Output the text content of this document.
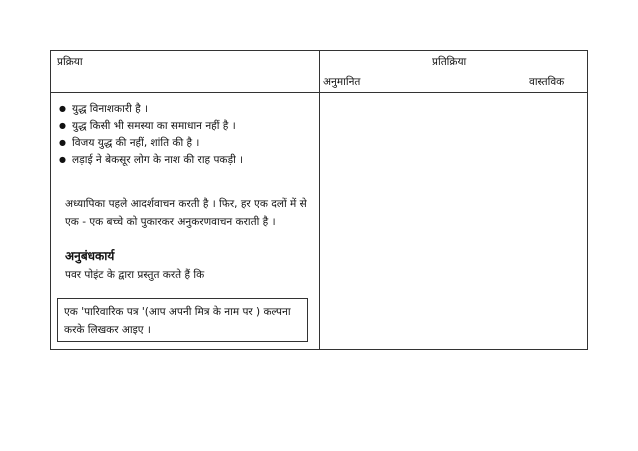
प्रक्रिया	प्रतिक्रिया
अनुमानित	वास्तविक
● युद्ध विनाशकारी है ।
● युद्ध किसी भी समस्या का समाधान नहीं है ।
● विजय युद्ध की नहीं, शांति की है ।
● लड़ाई ने बेकसूर लोग के नाश की राह पकड़ी ।
अध्यापिका पहले आदर्शवाचन करती है । फिर, हर एक दलों में से एक - एक बच्चे को पुकारकर अनुकरणवाचन कराती है ।
अनुबंधकार्य
पवर पोइंट के द्वारा प्रस्तुत करते हैं कि
एक 'पारिवारिक पत्र '(आप अपनी मित्र के नाम पर ) कल्पना करके लिखकर आइए ।
